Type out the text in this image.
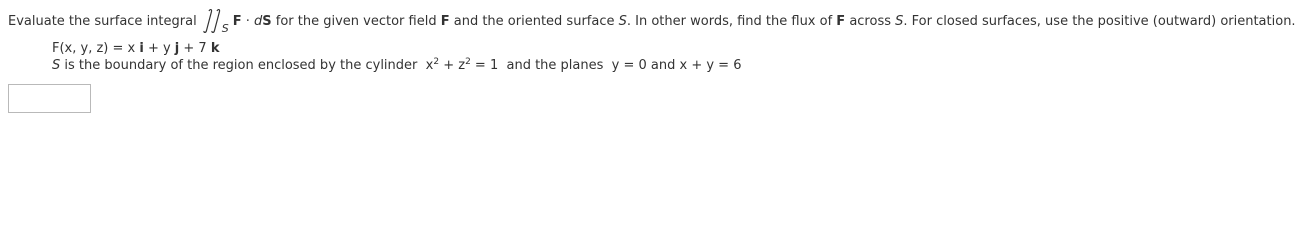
Evaluate the surface integral S F · d S for the given vector field F and the oriented surface S . In other words, find the flux of F across S . For closed surfaces, use the positive (outward) orientation.
F(x, y, z) = x i + y j + 7 k
S is the boundary of the region enclosed by the cylinder  $x^2 + z^2 = 1$  and the planes  y = 0 and x + y = 6
